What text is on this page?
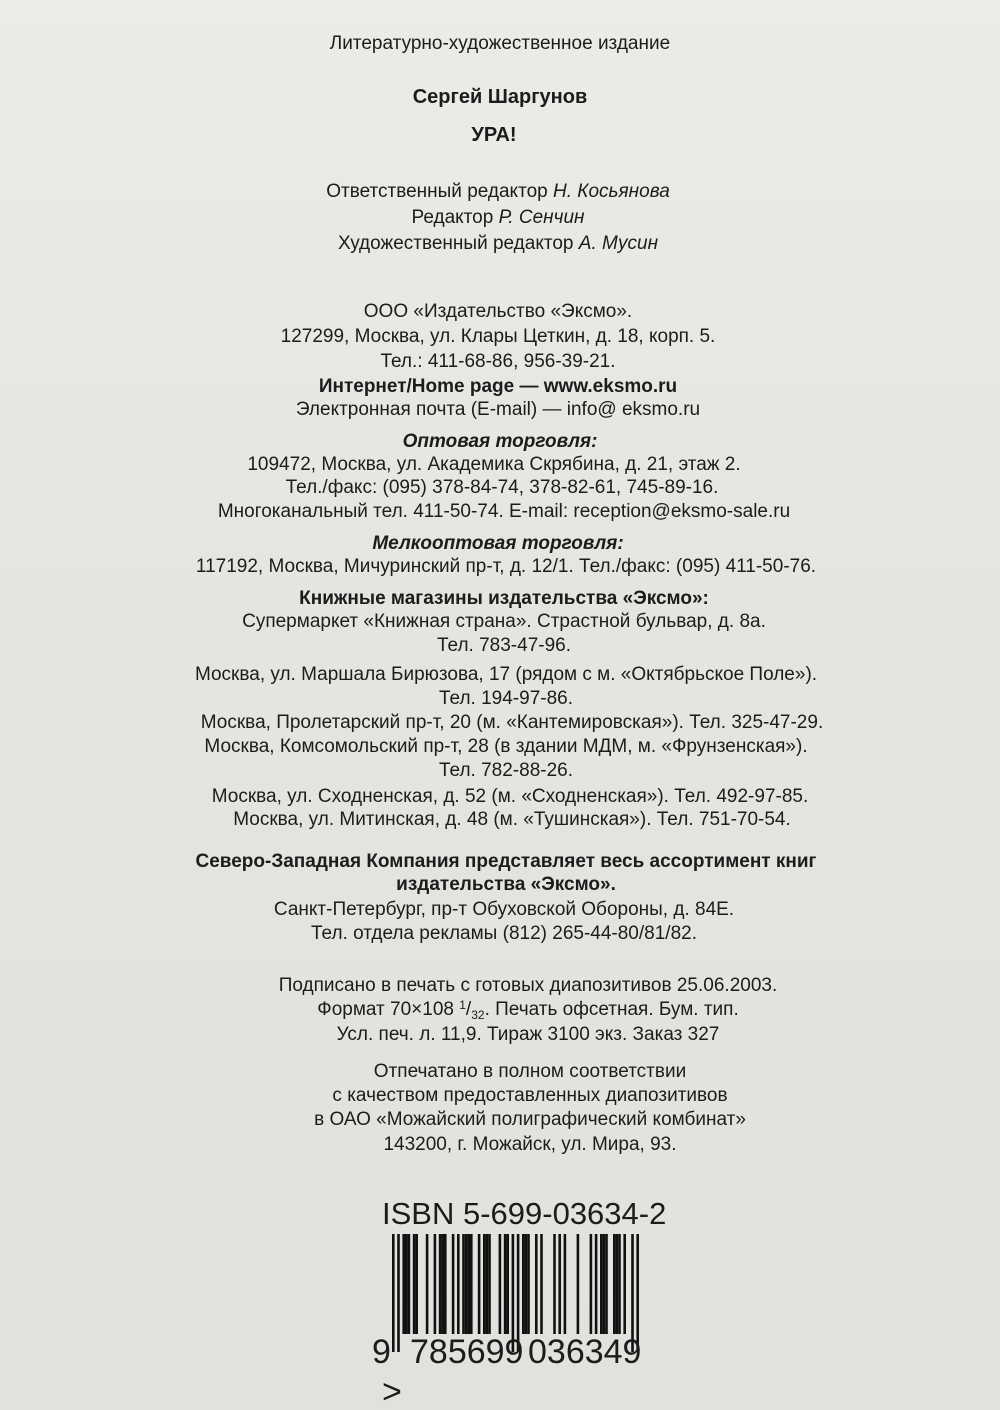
Литературно-художественное издание
Сергей Шаргунов
УРА!
Ответственный редактор Н. Косьянова
Редактор Р. Сенчин
Художественный редактор А. Мусин
ООО «Издательство «Эксмо».
127299, Москва, ул. Клары Цеткин, д. 18, корп. 5.
Тел.: 411-68-86, 956-39-21.
Интернет/Home page — www.eksmo.ru
Электронная почта (E-mail) — info@ eksmo.ru
Оптовая торговля:
109472, Москва, ул. Академика Скрябина, д. 21, этаж 2.
Тел./факс: (095) 378-84-74, 378-82-61, 745-89-16.
Многоканальный тел. 411-50-74. E-mail: reception@eksmo-sale.ru
Мелкооптовая торговля:
117192, Москва, Мичуринский пр-т, д. 12/1. Тел./факс: (095) 411-50-76.
Книжные магазины издательства «Эксмо»:
Супермаркет «Книжная страна». Страстной бульвар, д. 8а.
Тел. 783-47-96.
Москва, ул. Маршала Бирюзова, 17 (рядом с м. «Октябрьское Поле»).
Тел. 194-97-86.
Москва, Пролетарский пр-т, 20 (м. «Кантемировская»). Тел. 325-47-29.
Москва, Комсомольский пр-т, 28 (в здании МДМ, м. «Фрунзенская»).
Тел. 782-88-26.
Москва, ул. Сходненская, д. 52 (м. «Сходненская»). Тел. 492-97-85.
Москва, ул. Митинская, д. 48 (м. «Тушинская»). Тел. 751-70-54.
Северо-Западная Компания представляет весь ассортимент книг
издательства «Эксмо».
Санкт-Петербург, пр-т Обуховской Обороны, д. 84Е.
Тел. отдела рекламы (812) 265-44-80/81/82.
Подписано в печать с готовых диапозитивов 25.06.2003.
Формат 70×108 $^1$/32. Печать офсетная. Бум. тип.
Усл. печ. л. 11,9. Тираж 3100 экз. Заказ 327
Отпечатано в полном соответствии
с качеством предоставленных диапозитивов
в ОАО «Можайский полиграфический комбинат»
143200, г. Можайск, ул. Мира, 93.
ISBN 5-699-03634-2
9 785699 036349>
